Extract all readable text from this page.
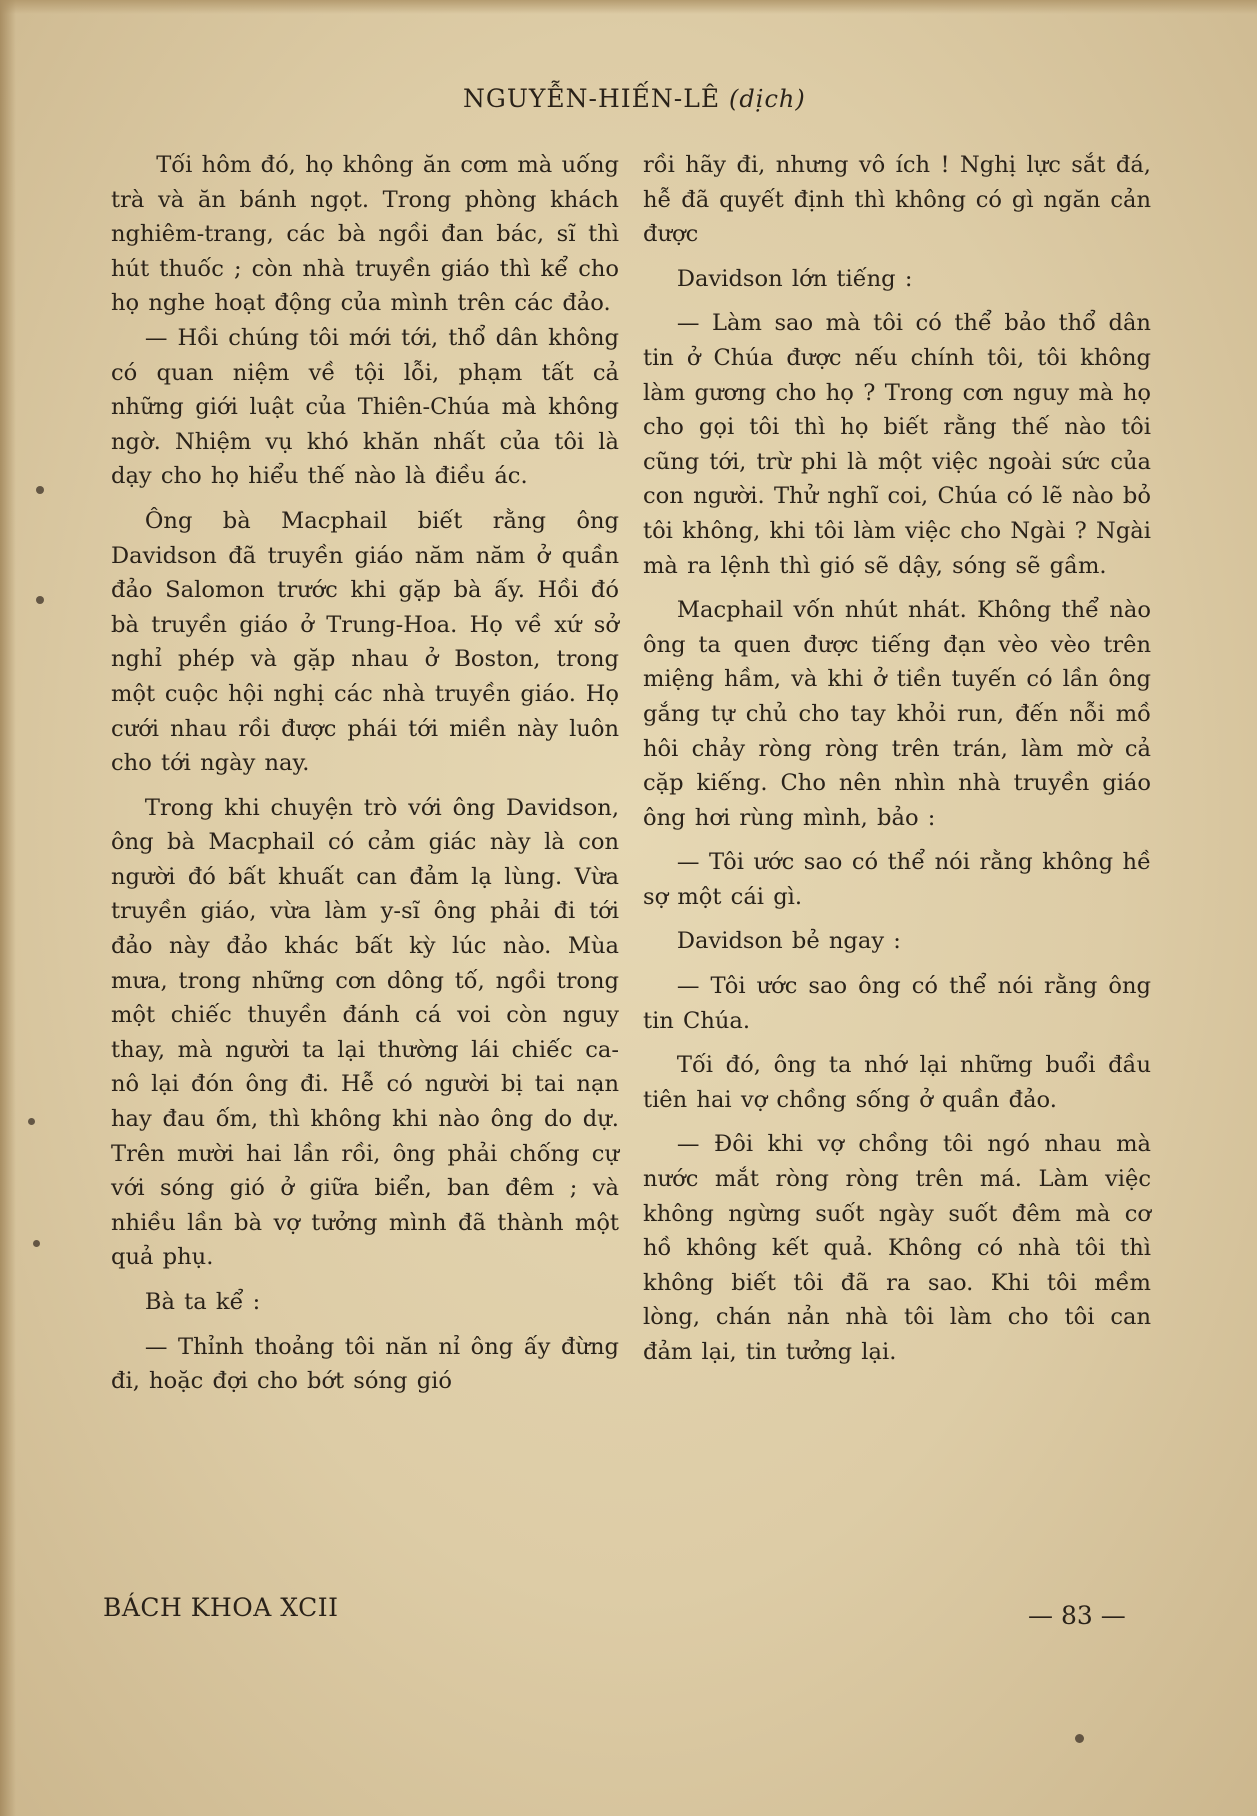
NGUYỄN-HIẾN-LÊ (dịch)

Tối hôm đó, họ không ăn cơm mà uống trà và ăn bánh ngọt. Trong phòng khách nghiêm-trang, các bà ngồi đan bác, sĩ thì hút thuốc ; còn nhà truyền giáo thì kể cho họ nghe hoạt động của mình trên các đảo.

— Hồi chúng tôi mới tới, thổ dân không có quan niệm về tội lỗi, phạm tất cả những giới luật của Thiên-Chúa mà không ngờ. Nhiệm vụ khó khăn nhất của tôi là dạy cho họ hiểu thế nào là điều ác.

Ông bà Macphail biết rằng ông Davidson đã truyền giáo năm năm ở quần đảo Salomon trước khi gặp bà ấy. Hồi đó bà truyền giáo ở Trung-Hoa. Họ về xứ sở nghỉ phép và gặp nhau ở Boston, trong một cuộc hội nghị các nhà truyền giáo. Họ cưới nhau rồi được phái tới miền này luôn cho tới ngày nay.

Trong khi chuyện trò với ông Davidson, ông bà Macphail có cảm giác này là con người đó bất khuất can đảm lạ lùng. Vừa truyền giáo, vừa làm y-sĩ ông phải đi tới đảo này đảo khác bất kỳ lúc nào. Mùa mưa, trong những cơn dông tố, ngồi trong một chiếc thuyền đánh cá voi còn nguy thay, mà người ta lại thường lái chiếc ca-nô lại đón ông đi. Hễ có người bị tai nạn hay đau ốm, thì không khi nào ông do dự. Trên mười hai lần rồi, ông phải chống cự với sóng gió ở giữa biển, ban đêm ; và nhiều lần bà vợ tưởng mình đã thành một quả phụ.

Bà ta kể :

— Thỉnh thoảng tôi năn nỉ ông ấy đừng đi, hoặc đợi cho bớt sóng gió

rồi hãy đi, nhưng vô ích ! Nghị lực sắt đá, hễ đã quyết định thì không có gì ngăn cản được

Davidson lớn tiếng :

— Làm sao mà tôi có thể bảo thổ dân tin ở Chúa được nếu chính tôi, tôi không làm gương cho họ ? Trong cơn nguy mà họ cho gọi tôi thì họ biết rằng thế nào tôi cũng tới, trừ phi là một việc ngoài sức của con người. Thử nghĩ coi, Chúa có lẽ nào bỏ tôi không, khi tôi làm việc cho Ngài ? Ngài mà ra lệnh thì gió sẽ dậy, sóng sẽ gầm.

Macphail vốn nhút nhát. Không thể nào ông ta quen được tiếng đạn vèo vèo trên miệng hầm, và khi ở tiền tuyến có lần ông gắng tự chủ cho tay khỏi run, đến nỗi mồ hôi chảy ròng ròng trên trán, làm mờ cả cặp kiếng. Cho nên nhìn nhà truyền giáo ông hơi rùng mình, bảo :

— Tôi ước sao có thể nói rằng không hề sợ một cái gì.

Davidson bẻ ngay :

— Tôi ước sao ông có thể nói rằng ông tin Chúa.

Tối đó, ông ta nhớ lại những buổi đầu tiên hai vợ chồng sống ở quần đảo.

— Đôi khi vợ chồng tôi ngó nhau mà nước mắt ròng ròng trên má. Làm việc không ngừng suốt ngày suốt đêm mà cơ hồ không kết quả. Không có nhà tôi thì không biết tôi đã ra sao. Khi tôi mềm lòng, chán nản nhà tôi làm cho tôi can đảm lại, tin tưởng lại.

BÁCH KHOA XCII	— 83 —
